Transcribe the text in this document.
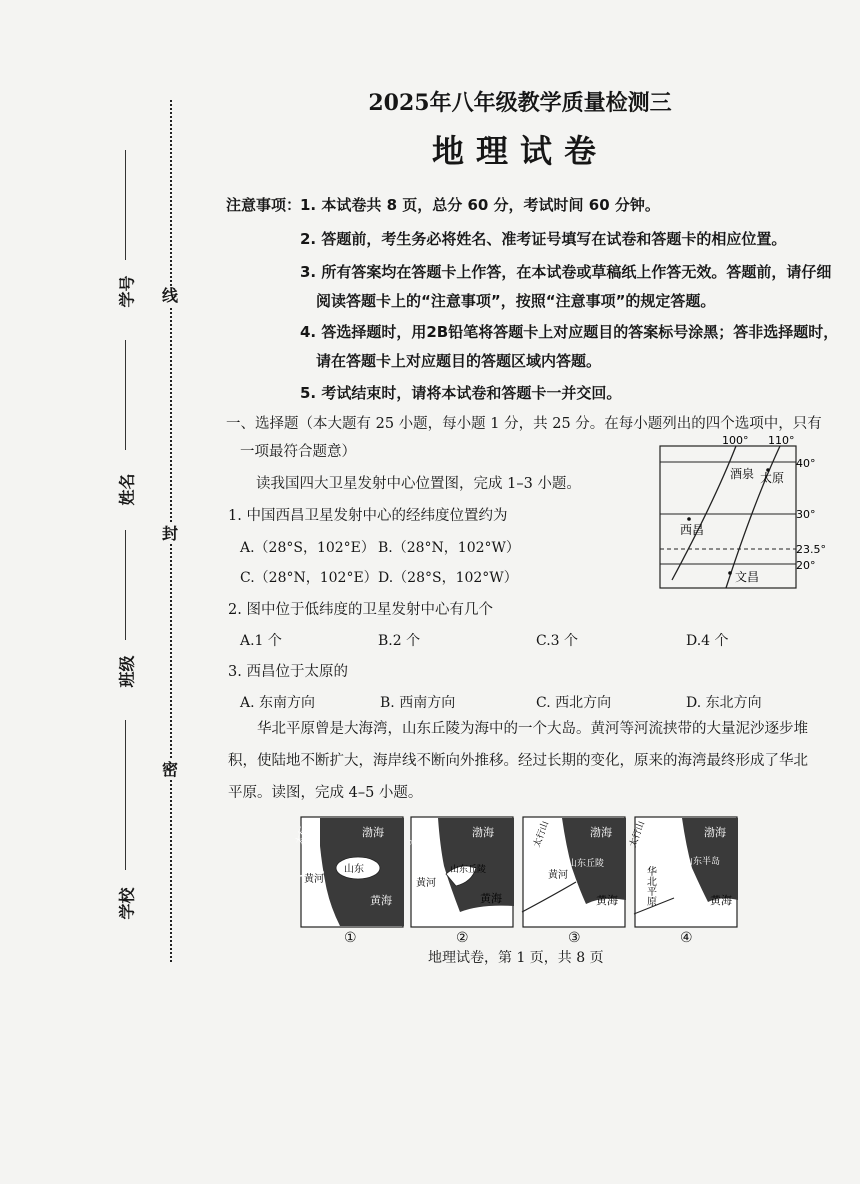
线
封
密
学号
姓名
班级
学校
2025年八年级教学质量检测三
地理试卷
注意事项：
1. 本试卷共 8 页，总分 60 分，考试时间 60 分钟。
2. 答题前，考生务必将姓名、准考证号填写在试卷和答题卡的相应位置。
3. 所有答案均在答题卡上作答，在本试卷或草稿纸上作答无效。答题前，请仔细
阅读答题卡上的“注意事项”，按照“注意事项”的规定答题。
4. 答选择题时，用2B铅笔将答题卡上对应题目的答案标号涂黑；答非选择题时，
请在答题卡上对应题目的答题区域内答题。
5. 考试结束时，请将本试卷和答题卡一并交回。
一、选择题（本大题有 25 小题，每小题 1 分，共 25 分。在每小题列出的四个选项中，只有
一项最符合题意）
读我国四大卫星发射中心位置图，完成 1–3 小题。
1. 中国西昌卫星发射中心的经纬度位置约为
A.（28°S，102°E） B.（28°N，102°W）
C.（28°N，102°E） D.（28°S，102°W）
100° 110°
40°
30°
23.5°
20°
酒泉 太原
西昌
文昌
2. 图中位于低纬度的卫星发射中心有几个
A.1 个	B.2 个	C.3 个	D.4 个
3. 西昌位于太原的
A. 东南方向	B. 西南方向	C. 西北方向	D. 东北方向
华北平原曾是大海湾，山东丘陵为海中的一个大岛。黄河等河流挟带的大量泥沙逐步堆
积，使陆地不断扩大，海岸线不断向外推移。经过长期的变化，原来的海湾最终形成了华北
平原。读图，完成 4–5 小题。
太行山	渤海
黄河
山东
黄海
太行山	渤海
黄河
山东丘陵
黄海
太行山	渤海
黄河
山东丘陵
黄海
太行山	渤海
华北平原
山东半岛
黄海
①	②	③	④
地理试卷，第 1 页，共 8 页
